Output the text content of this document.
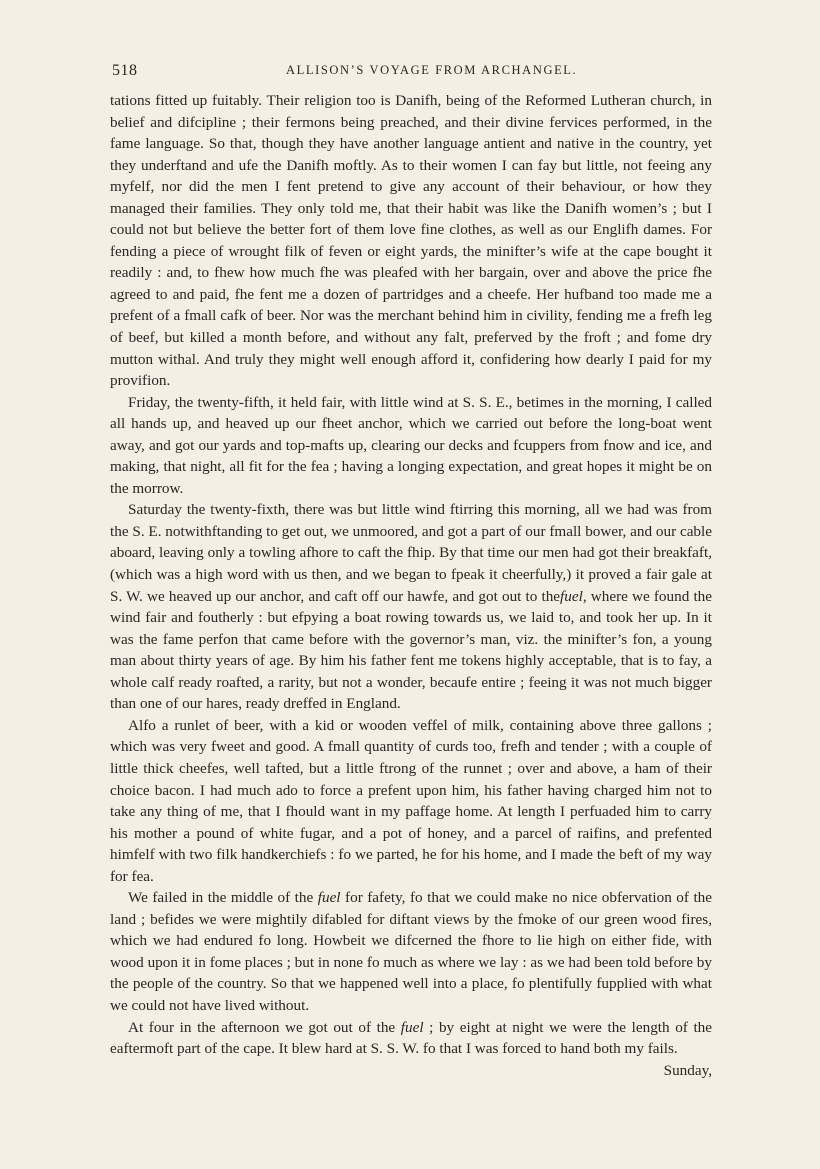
518	ALLISON’S VOYAGE FROM ARCHANGEL.

tations fitted up fuitably. Their religion too is Danifh, being of the Reformed Lutheran church, in belief and difcipline ; their fermons being preached, and their divine fervices performed, in the fame language. So that, though they have another language antient and native in the country, yet they underftand and ufe the Danifh moftly. As to their women I can fay but little, not feeing any myfelf, nor did the men I fent pretend to give any account of their behaviour, or how they managed their families. They only told me, that their habit was like the Danifh women’s ; but I could not but believe the better fort of them love fine clothes, as well as our Englifh dames. For fending a piece of wrought filk of feven or eight yards, the minifter’s wife at the cape bought it readily : and, to fhew how much fhe was pleafed with her bargain, over and above the price fhe agreed to and paid, fhe fent me a dozen of partridges and a cheefe. Her hufband too made me a prefent of a fmall cafk of beer. Nor was the merchant behind him in civility, fending me a frefh leg of beef, but killed a month before, and without any falt, preferved by the froft ; and fome dry mutton withal. And truly they might well enough afford it, confidering how dearly I paid for my provifion.

Friday, the twenty-fifth, it held fair, with little wind at S. S. E., betimes in the morning, I called all hands up, and heaved up our fheet anchor, which we carried out before the long-boat went away, and got our yards and top-mafts up, clearing our decks and fcuppers from fnow and ice, and making, that night, all fit for the fea ; having a longing expectation, and great hopes it might be on the morrow.

Saturday the twenty-fixth, there was but little wind ftirring this morning, all we had was from the S. E. notwithftanding to get out, we unmoored, and got a part of our fmall bower, and our cable aboard, leaving only a towling afhore to caft the fhip. By that time our men had got their breakfaft, (which was a high word with us then, and we began to fpeak it cheerfully,) it proved a fair gale at S. W. we heaved up our anchor, and caft off our hawfe, and got out to thefuel, where we found the wind fair and foutherly : but efpying a boat rowing towards us, we laid to, and took her up. In it was the fame perfon that came before with the governor’s man, viz. the minifter’s fon, a young man about thirty years of age. By him his father fent me tokens highly acceptable, that is to fay, a whole calf ready roafted, a rarity, but not a wonder, becaufe entire ; feeing it was not much bigger than one of our hares, ready dreffed in England.

Alfo a runlet of beer, with a kid or wooden veffel of milk, containing above three gallons ; which was very fweet and good. A fmall quantity of curds too, frefh and tender ; with a couple of little thick cheefes, well tafted, but a little ftrong of the runnet ; over and above, a ham of their choice bacon. I had much ado to force a prefent upon him, his father having charged him not to take any thing of me, that I fhould want in my paffage home. At length I perfuaded him to carry his mother a pound of white fugar, and a pot of honey, and a parcel of raifins, and prefented himfelf with two filk handkerchiefs : fo we parted, he for his home, and I made the beft of my way for fea.

We failed in the middle of the fuel for fafety, fo that we could make no nice obfervation of the land ; befides we were mightily difabled for diftant views by the fmoke of our green wood fires, which we had endured fo long. Howbeit we difcerned the fhore to lie high on either fide, with wood upon it in fome places ; but in none fo much as where we lay : as we had been told before by the people of the country. So that we happened well into a place, fo plentifully fupplied with what we could not have lived without.

At four in the afternoon we got out of the fuel ; by eight at night we were the length of the eaftermoft part of the cape. It blew hard at S. S. W. fo that I was forced to hand both my fails.

Sunday,
